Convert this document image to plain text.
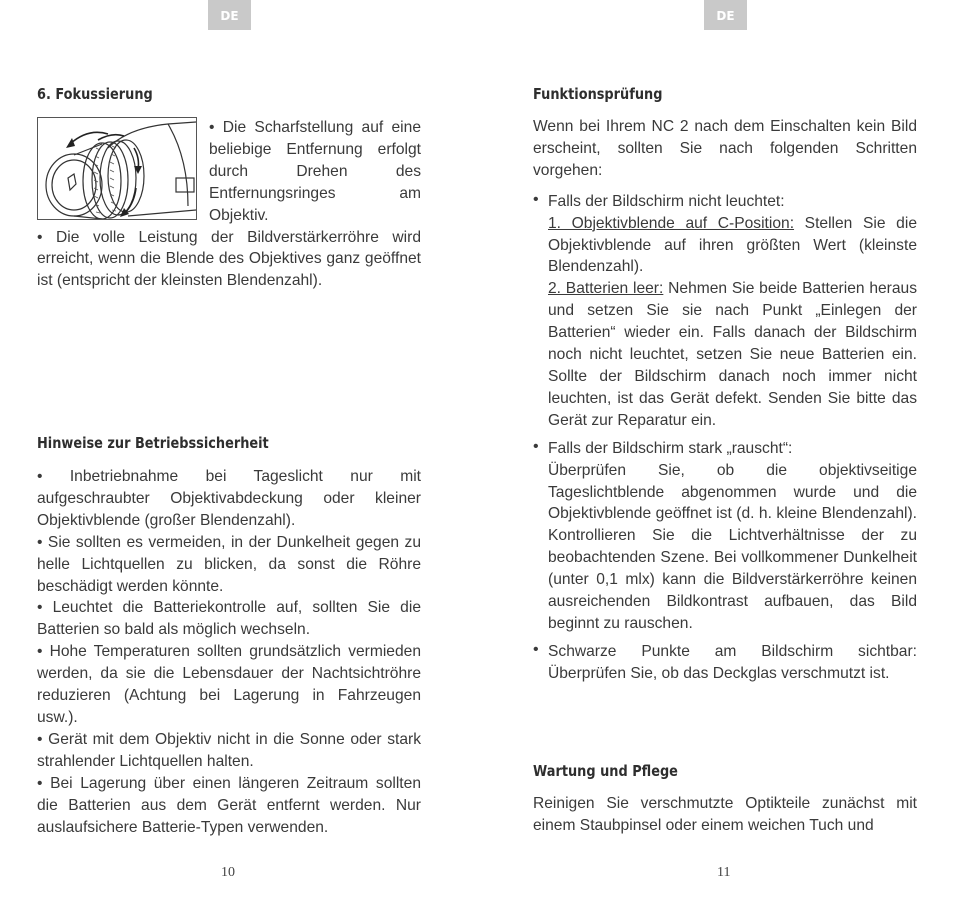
DE
6. Fokussierung

• Die Scharfstellung auf eine beliebige Entfernung erfolgt durch Drehen des Entfernungsringes am Objektiv.

• Die volle Leistung der Bildverstärkerröhre wird erreicht, wenn die Blende des Objektives ganz geöffnet ist (entspricht der kleinsten Blendenzahl).

Hinweise zur Betriebssicherheit

• Inbetriebnahme bei Tageslicht nur mit aufgeschraubter Objektivabdeckung oder kleiner Objektivblende (großer Blendenzahl).

• Sie sollten es vermeiden, in der Dunkelheit gegen zu helle Lichtquellen zu blicken, da sonst die Röhre beschädigt werden könnte.

• Leuchtet die Batteriekontrolle auf, sollten Sie die Batterien so bald als möglich wechseln.

• Hohe Temperaturen sollten grundsätzlich vermieden werden, da sie die Lebensdauer der Nachtsichtröhre reduzieren (Achtung bei Lagerung in Fahrzeugen usw.).

• Gerät mit dem Objektiv nicht in die Sonne oder stark strahlender Lichtquellen halten.

• Bei Lagerung über einen längeren Zeitraum sollten die Batterien aus dem Gerät entfernt werden. Nur auslaufsichere Batterie-Typen verwenden.

10
DE
Funktionsprüfung

Wenn bei Ihrem NC 2 nach dem Einschalten kein Bild erscheint, sollten Sie nach folgenden Schritten vorgehen:

• Falls der Bildschirm nicht leuchtet:

1. Objektivblende auf C-Position: Stellen Sie die Objektivblende auf ihren größten Wert (kleinste Blendenzahl).

2. Batterien leer: Nehmen Sie beide Batterien heraus und setzen Sie sie nach Punkt „Einlegen der Batterien“ wieder ein. Falls danach der Bildschirm noch nicht leuchtet, setzen Sie neue Batterien ein. Sollte der Bildschirm danach noch immer nicht leuchten, ist das Gerät defekt. Senden Sie bitte das Gerät zur Reparatur ein.

• Falls der Bildschirm stark „rauscht“:

Überprüfen Sie, ob die objektivseitige Tageslichtblende abgenommen wurde und die Objektivblende geöffnet ist (d. h. kleine Blendenzahl). Kontrollieren Sie die Lichtverhältnisse der zu beobachtenden Szene. Bei vollkommener Dunkelheit (unter 0,1 mlx) kann die Bildverstärkerröhre keinen ausreichenden Bildkontrast aufbauen, das Bild beginnt zu rauschen.

• Schwarze Punkte am Bildschirm sichtbar: Überprüfen Sie, ob das Deckglas verschmutzt ist.

Wartung und Pflege

Reinigen Sie verschmutzte Optikteile zunächst mit einem Staubpinsel oder einem weichen Tuch und

11
